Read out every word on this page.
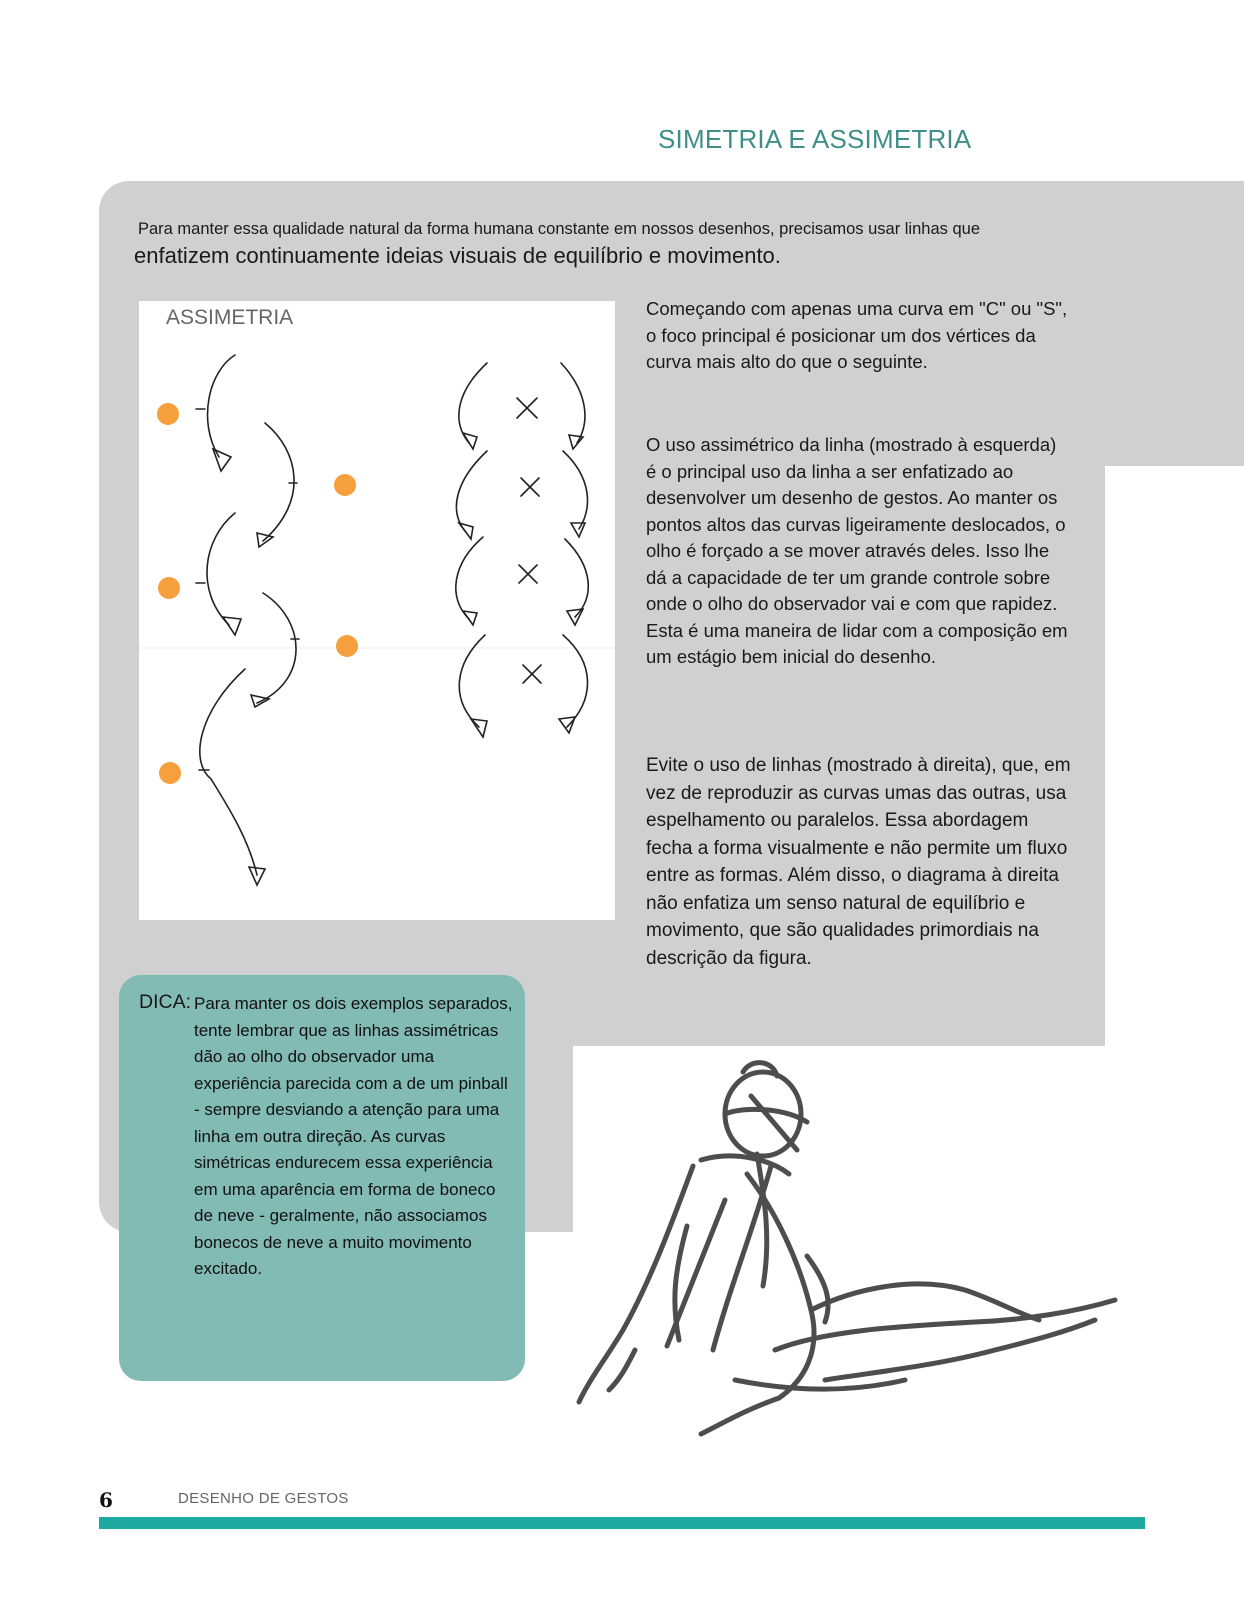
SIMETRIA E ASSIMETRIA
Para manter essa qualidade natural da forma humana constante em nossos desenhos, precisamos usar linhas que
enfatizem continuamente ideias visuais de equilíbrio e movimento.
ASSIMETRIA	Começando com apenas uma curva em "C" ou "S", o foco principal é posicionar um dos vértices da curva mais alto do que o seguinte.
O uso assimétrico da linha (mostrado à esquerda) é o principal uso da linha a ser enfatizado ao desenvolver um desenho de gestos. Ao manter os pontos altos das curvas ligeiramente deslocados, o olho é forçado a se mover através deles. Isso lhe dá a capacidade de ter um grande controle sobre onde o olho do observador vai e com que rapidez. Esta é uma maneira de lidar com a composição em um estágio bem inicial do desenho.
Evite o uso de linhas (mostrado à direita), que, em vez de reproduzir as curvas umas das outras, usa espelhamento ou paralelos. Essa abordagem fecha a forma visualmente e não permite um fluxo entre as formas. Além disso, o diagrama à direita não enfatiza um senso natural de equilíbrio e movimento, que são qualidades primordiais na descrição da figura.
DICA: Para manter os dois exemplos separados, tente lembrar que as linhas assimétricas dão ao olho do observador uma experiência parecida com a de um pinball - sempre desviando a atenção para uma linha em outra direção. As curvas simétricas endurecem essa experiência em uma aparência em forma de boneco de neve - geralmente, não associamos bonecos de neve a muito movimento excitado.
6	DESENHO DE GESTOS
